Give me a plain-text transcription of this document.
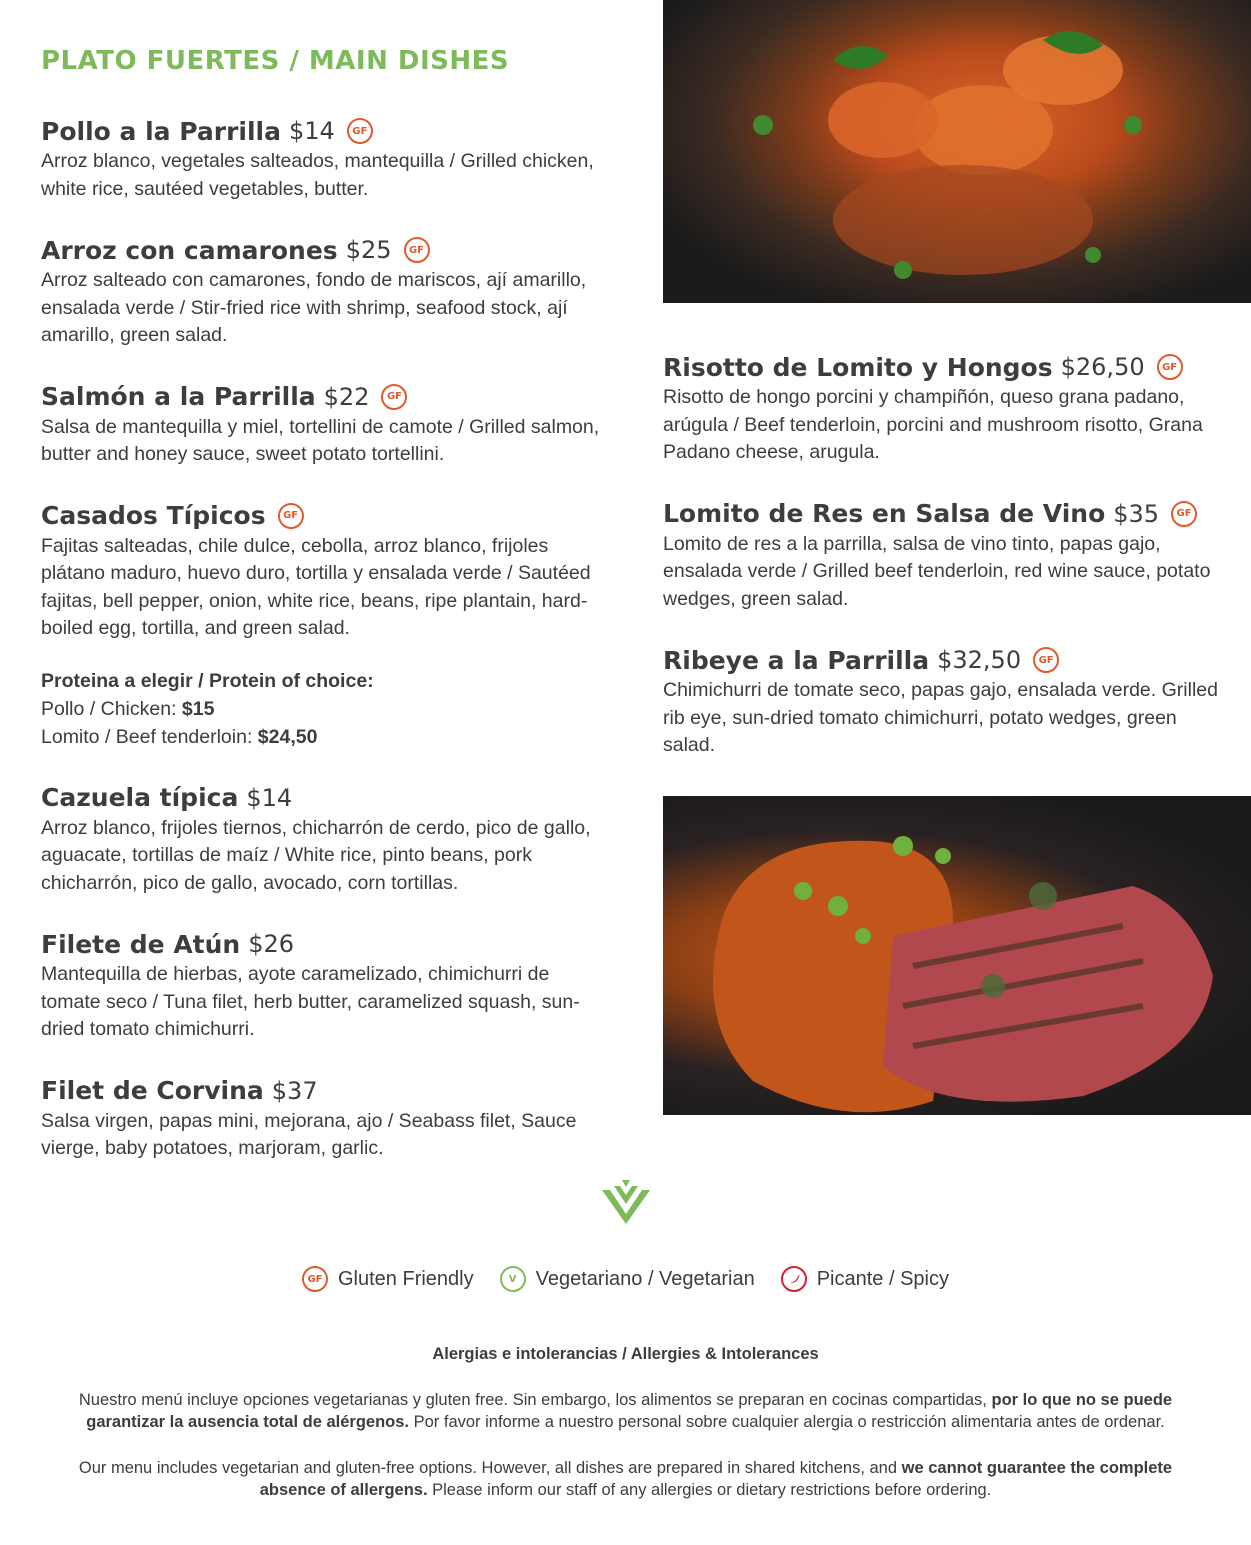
PLATO FUERTES / MAIN DISHES
Pollo a la Parrilla $14	GF

Arroz blanco, vegetales salteados, mantequilla / Grilled chicken, white rice, sautéed vegetables, butter.

Arroz con camarones $25	GF

Arroz salteado con camarones, fondo de mariscos, ají amarillo, ensalada verde / Stir-fried rice with shrimp, seafood stock, ají amarillo, green salad.

Salmón a la Parrilla $22	GF

Salsa de mantequilla y miel, tortellini de camote / Grilled salmon, butter and honey sauce, sweet potato tortellini.

Casados Típicos	GF

Fajitas salteadas, chile dulce, cebolla, arroz blanco, frijoles plátano maduro, huevo duro, tortilla y ensalada verde / Sautéed fajitas, bell pepper, onion, white rice, beans, ripe plantain, hard-boiled egg, tortilla, and green salad.

Proteina a elegir / Protein of choice:
Pollo / Chicken: $15
Lomito / Beef tenderloin: $24,50
Cazuela típica $14

Arroz blanco, frijoles tiernos, chicharrón de cerdo, pico de gallo, aguacate, tortillas de maíz / White rice, pinto beans, pork chicharrón, pico de gallo, avocado, corn tortillas.

Filete de Atún $26

Mantequilla de hierbas, ayote caramelizado, chimichurri de tomate seco / Tuna filet, herb butter, caramelized squash, sun-dried tomato chimichurri.

Filet de Corvina $37

Salsa virgen, papas mini, mejorana, ajo / Seabass filet, Sauce vierge, baby potatoes, marjoram, garlic.

Risotto de Lomito y Hongos $26,50	GF

Risotto de hongo porcini y champiñón, queso grana padano, arúgula / Beef tenderloin, porcini and mushroom risotto, Grana Padano cheese, arugula.

Lomito de Res en Salsa de Vino $35	GF

Lomito de res a la parrilla, salsa de vino tinto, papas gajo, ensalada verde / Grilled beef tenderloin, red wine sauce, potato wedges, green salad.

Ribeye a la Parrilla $32,50	GF

Chimichurri de tomate seco, papas gajo, ensalada verde. Grilled rib eye, sun-dried tomato chimichurri, potato wedges, green salad.

GF Gluten Friendly	V Vegetariano / Vegetarian	Picante / Spicy

Alergias e intolerancias / Allergies & Intolerances

Nuestro menú incluye opciones vegetarianas y gluten free. Sin embargo, los alimentos se preparan en cocinas compartidas, por lo que no se puede garantizar la ausencia total de alérgenos. Por favor informe a nuestro personal sobre cualquier alergia o restricción alimentaria antes de ordenar.

Our menu includes vegetarian and gluten-free options. However, all dishes are prepared in shared kitchens, and we cannot guarantee the complete absence of allergens. Please inform our staff of any allergies or dietary restrictions before ordering.
